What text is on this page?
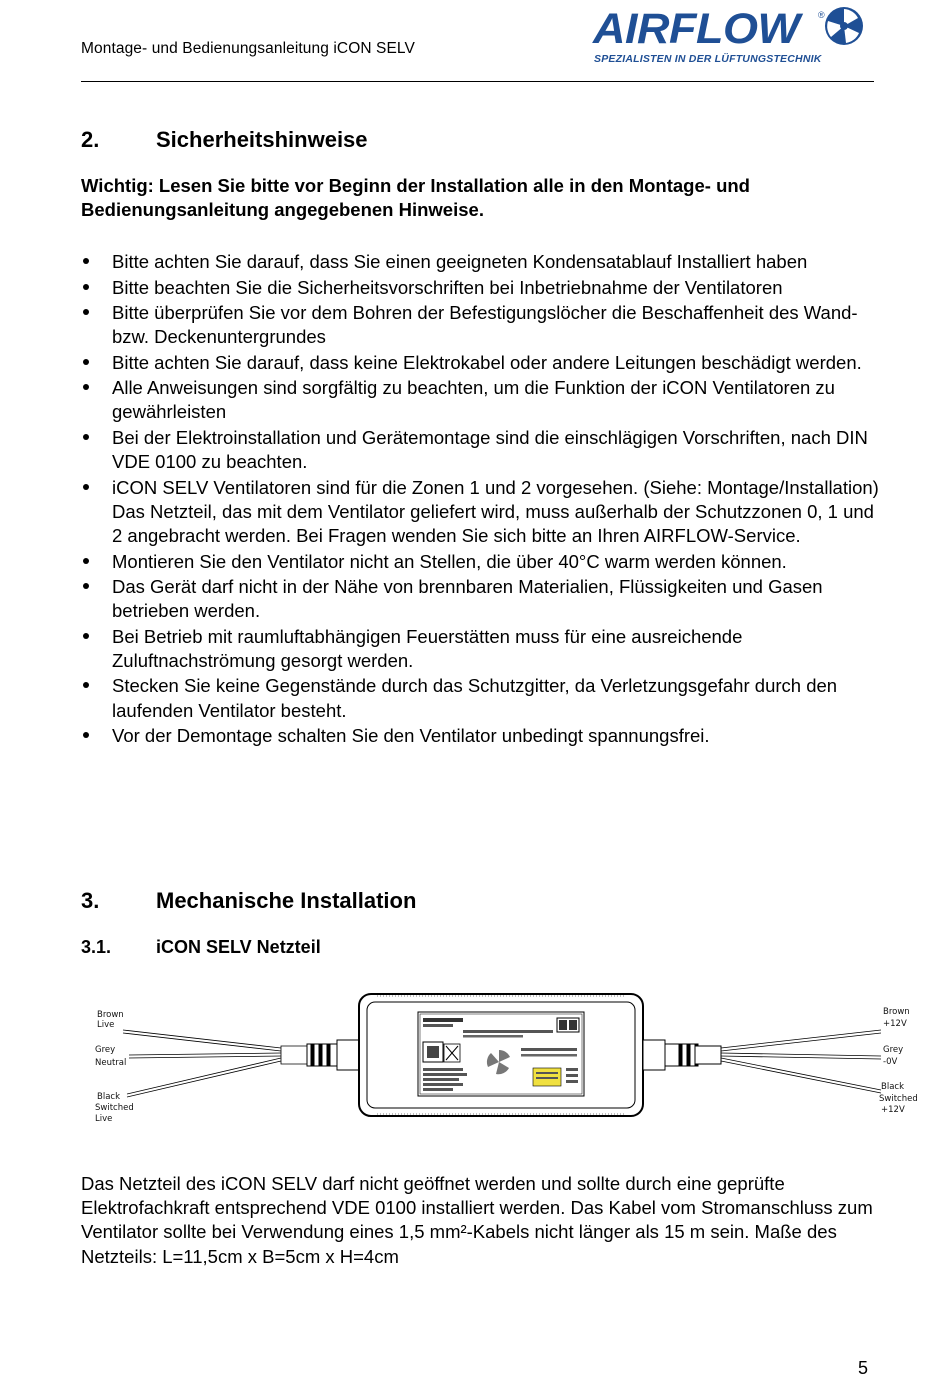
Montage- und Bedienungsanleitung iCON SELV	AIRFLOW ®
SPEZIALISTEN IN DER LÜFTUNGSTECHNIK
2.	Sicherheitshinweise
Wichtig: Lesen Sie bitte vor Beginn der Installation alle in den Montage- und Bedienungsanleitung angegebenen Hinweise.
Bitte achten Sie darauf, dass Sie einen geeigneten Kondensatablauf Installiert haben
Bitte beachten Sie die Sicherheitsvorschriften bei Inbetriebnahme der Ventilatoren
Bitte überprüfen Sie vor dem Bohren der Befestigungslöcher die Beschaffenheit des Wand- bzw. Deckenuntergrundes
Bitte achten Sie darauf, dass keine Elektrokabel oder andere Leitungen beschädigt werden.
Alle Anweisungen sind sorgfältig zu beachten, um die Funktion der iCON Ventilatoren zu gewährleisten
Bei der Elektroinstallation und Gerätemontage sind die einschlägigen Vorschriften, nach DIN VDE 0100 zu beachten.
iCON SELV Ventilatoren sind für die Zonen 1 und 2 vorgesehen. (Siehe: Montage/Installation) Das Netzteil, das mit dem Ventilator geliefert wird, muss außerhalb der Schutzzonen 0, 1 und 2 angebracht werden. Bei Fragen wenden Sie sich bitte an Ihren AIRFLOW-Service.
Montieren Sie den Ventilator nicht an Stellen, die über 40°C warm werden können.
Das Gerät darf nicht in der Nähe von brennbaren Materialien, Flüssigkeiten und Gasen betrieben werden.
Bei Betrieb mit raumluftabhängigen Feuerstätten muss für eine ausreichende Zuluftnachströmung gesorgt werden.
Stecken Sie keine Gegenstände durch das Schutzgitter, da Verletzungsgefahr durch den laufenden Ventilator besteht.
Vor der Demontage schalten Sie den Ventilator unbedingt spannungsfrei.
3.	Mechanische Installation
3.1. iCON SELV Netzteil
Brown
Live
Grey
Neutral
Black
Switched
Live
Brown
+12V
Grey
-0V
Black
Switched
+12V
Das Netzteil des iCON SELV darf nicht geöffnet werden und sollte durch eine geprüfte Elektrofachkraft entsprechend VDE 0100 installiert werden. Das Kabel vom Stromanschluss zum Ventilator sollte bei Verwendung eines 1,5 mm²-Kabels nicht länger als 15 m sein. Maße des Netzteils: L=11,5cm x B=5cm x H=4cm
5
